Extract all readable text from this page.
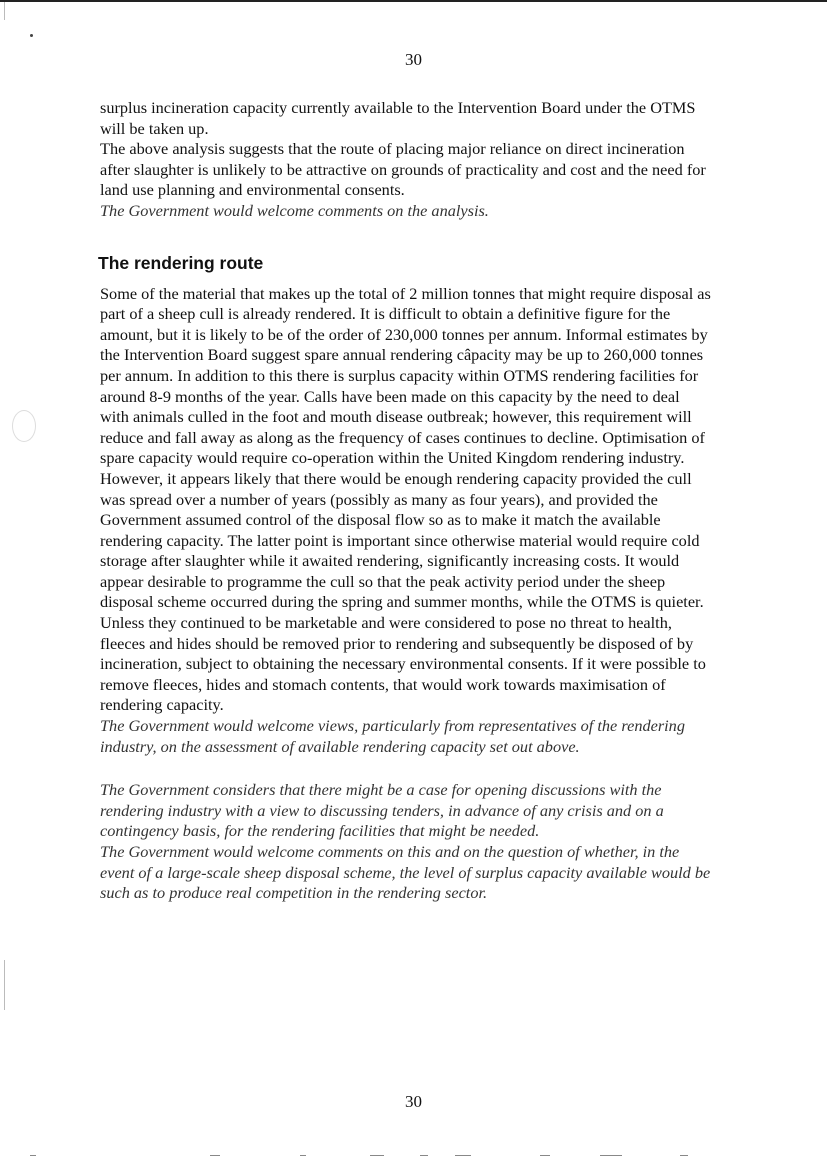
30

surplus incineration capacity currently available to the Intervention Board under the OTMS will be taken up.

The above analysis suggests that the route of placing major reliance on direct incineration after slaughter is unlikely to be attractive on grounds of practicality and cost and the need for land use planning and environmental consents.

The Government would welcome comments on the analysis.

The rendering route

Some of the material that makes up the total of 2 million tonnes that might require disposal as part of a sheep cull is already rendered. It is difficult to obtain a definitive figure for the amount, but it is likely to be of the order of 230,000 tonnes per annum. Informal estimates by the Intervention Board suggest spare annual rendering câpacity may be up to 260,000 tonnes per annum. In addition to this there is surplus capacity within OTMS rendering facilities for around 8-9 months of the year. Calls have been made on this capacity by the need to deal with animals culled in the foot and mouth disease outbreak; however, this requirement will reduce and fall away as along as the frequency of cases continues to decline. Optimisation of spare capacity would require co-operation within the United Kingdom rendering industry. However, it appears likely that there would be enough rendering capacity provided the cull was spread over a number of years (possibly as many as four years), and provided the Government assumed control of the disposal flow so as to make it match the available rendering capacity. The latter point is important since otherwise material would require cold storage after slaughter while it awaited rendering, significantly increasing costs. It would appear desirable to programme the cull so that the peak activity period under the sheep disposal scheme occurred during the spring and summer months, while the OTMS is quieter.

Unless they continued to be marketable and were considered to pose no threat to health, fleeces and hides should be removed prior to rendering and subsequently be disposed of by incineration, subject to obtaining the necessary environmental consents. If it were possible to remove fleeces, hides and stomach contents, that would work towards maximisation of rendering capacity.

The Government would welcome views, particularly from representatives of the rendering industry, on the assessment of available rendering capacity set out above.

The Government considers that there might be a case for opening discussions with the rendering industry with a view to discussing tenders, in advance of any crisis and on a contingency basis, for the rendering facilities that might be needed.

The Government would welcome comments on this and on the question of whether, in the event of a large-scale sheep disposal scheme, the level of surplus capacity available would be such as to produce real competition in the rendering sector.

30
